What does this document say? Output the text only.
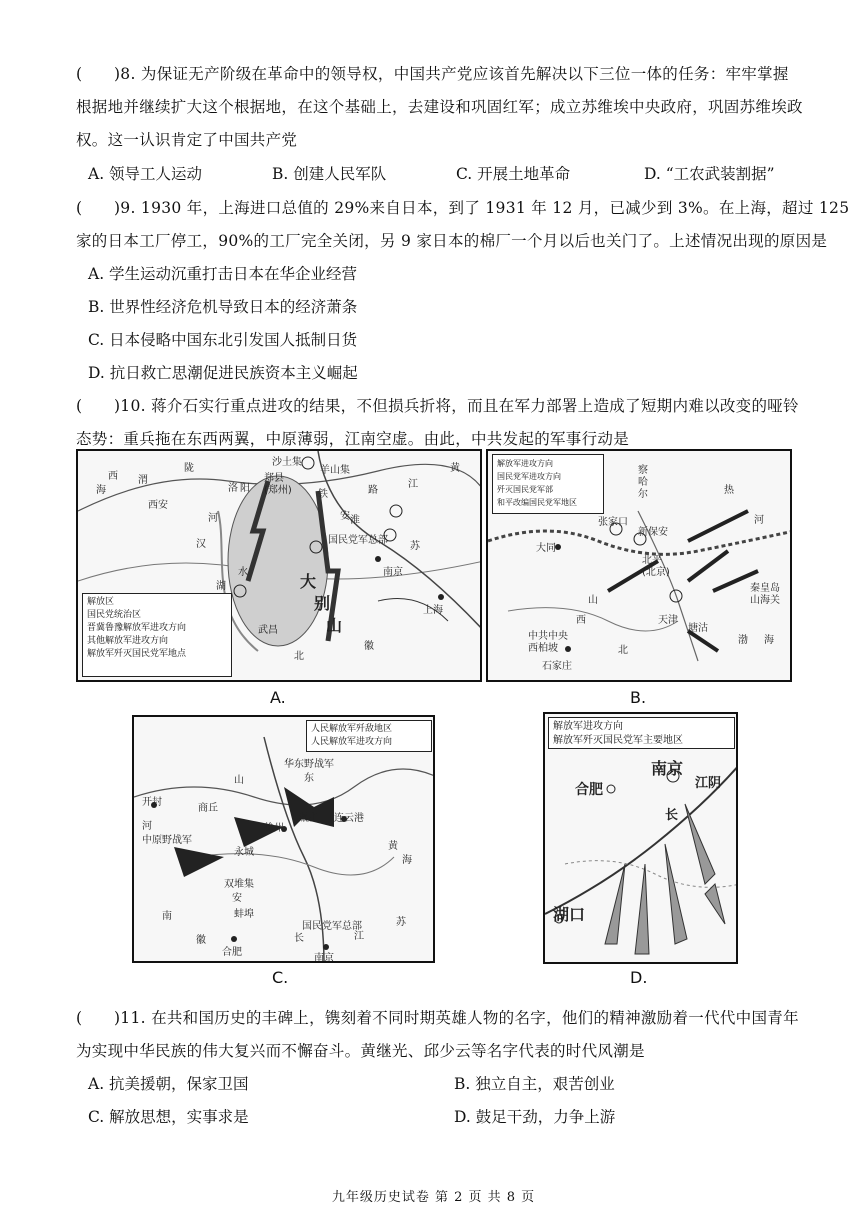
(　　)8. 为保证无产阶级在革命中的领导权，中国共产党应该首先解决以下三位一体的任务：牢牢掌握
根据地并继续扩大这个根据地，在这个基础上，去建设和巩固红军；成立苏维埃中央政府，巩固苏维埃政
权。这一认识肯定了中国共产党
A. 领导工人运动	B. 创建人民军队	C. 开展土地革命	D. “工农武装割据”
(　　)9. 1930 年，上海进口总值的 29%来自日本，到了 1931 年 12 月，已减少到 3%。在上海，超过 125
家的日本工厂停工，90%的工厂完全关闭，另 9 家日本的棉厂一个月以后也关门了。上述情况出现的原因是
A. 学生运动沉重打击日本在华企业经营
B. 世界性经济危机导致日本的经济萧条
C. 日本侵略中国东北引发国人抵制日货
D. 抗日救亡思潮促进民族资本主义崛起
(　　)10. 蒋介石实行重点进攻的结果，不但损兵折将，而且在军力部署上造成了短期内难以改变的哑铃
态势：重兵拖在东西两翼，中原薄弱，江南空虚。由此，中共发起的军事行动是
沙土集
羊山集
郑县
(郑州)
西安
南京
上海
武昌
国民党军总部
大
别
山
黄
河	淮
汉
水
湖
北
安
徽
江
苏
陇
海	铁	路
洛 阳
渭
西
解放区
国民党统治区
晋冀鲁豫解放军进攻方向
其他解放军进攻方向
解放军歼灭国民党军地点
A.
张家口
新保安
北平
(北京)
天津
塘沽
大同
中共中央
西柏坡
石家庄
山海关
秦皇岛
察
哈
尔	热
河
渤 海
山
西
北
解放军进攻方向
国民党军进攻方向
歼灭国民党军部
和平改编国民党军地区
B.
华东野战军
连云港
开封
商丘
徐州
中原野战军
双堆集
蚌埠
合肥
南京
国民党军总部
碾庄
永城
山	东
河
南
安
徽	江
苏
黄
海
长
人民解放军歼敌地区
人民解放军进攻方向
C.
南京
合肥
湖口
江阴
长
解放军进攻方向
解放军歼灭国民党军主要地区
D.
(　　)11. 在共和国历史的丰碑上，镌刻着不同时期英雄人物的名字，他们的精神激励着一代代中国青年
为实现中华民族的伟大复兴而不懈奋斗。黄继光、邱少云等名字代表的时代风潮是
A. 抗美援朝，保家卫国	B. 独立自主，艰苦创业
C. 解放思想，实事求是	D. 鼓足干劲，力争上游
九年级历史试卷 第 2 页 共 8 页
